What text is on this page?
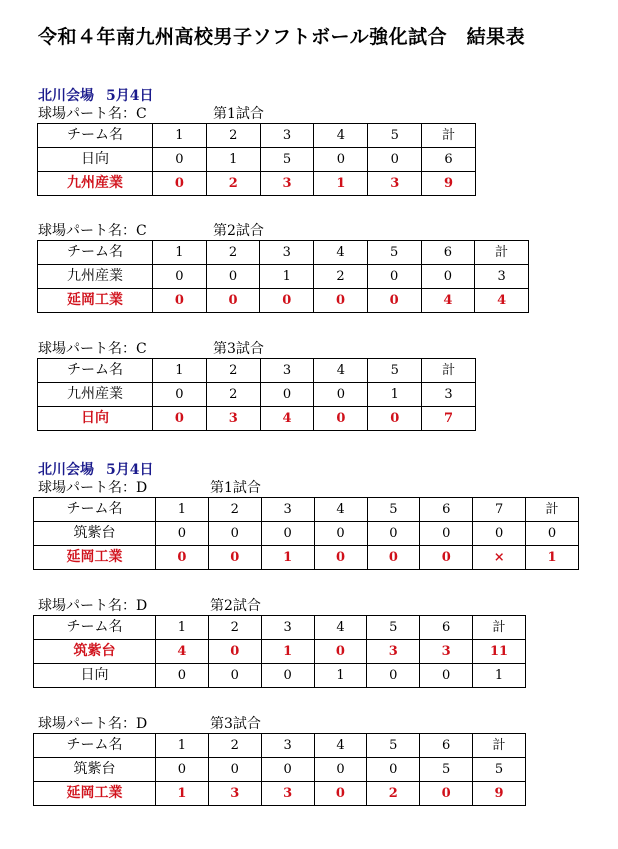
令和４年南九州高校男子ソフトボール強化試合　結果表
北川会場 5月4日
球場パート名：C	第1試合
チーム名	1	2	3	4	5	計
日向	0	1	5	0	0	6
九州産業	0	2	3	1	3	9
球場パート名：C	第2試合
チーム名	1	2	3	4	5	6	計
九州産業	0	0	1	2	0	0	3
延岡工業	0	0	0	0	0	4	4
球場パート名：C	第3試合
チーム名	1	2	3	4	5	計
九州産業	0	2	0	0	1	3
日向	0	3	4	0	0	7
北川会場 5月4日
球場パート名：D	第1試合
チーム名	1	2	3	4	5	6	7	計
筑紫台	0	0	0	0	0	0	0	0
延岡工業	0	0	1	0	0	0	×	1
球場パート名：D	第2試合
チーム名	1	2	3	4	5	6	計
筑紫台	4	0	1	0	3	3	11
日向	0	0	0	1	0	0	1
球場パート名：D	第3試合
チーム名	1	2	3	4	5	6	計
筑紫台	0	0	0	0	0	5	5
延岡工業	1	3	3	0	2	0	9
